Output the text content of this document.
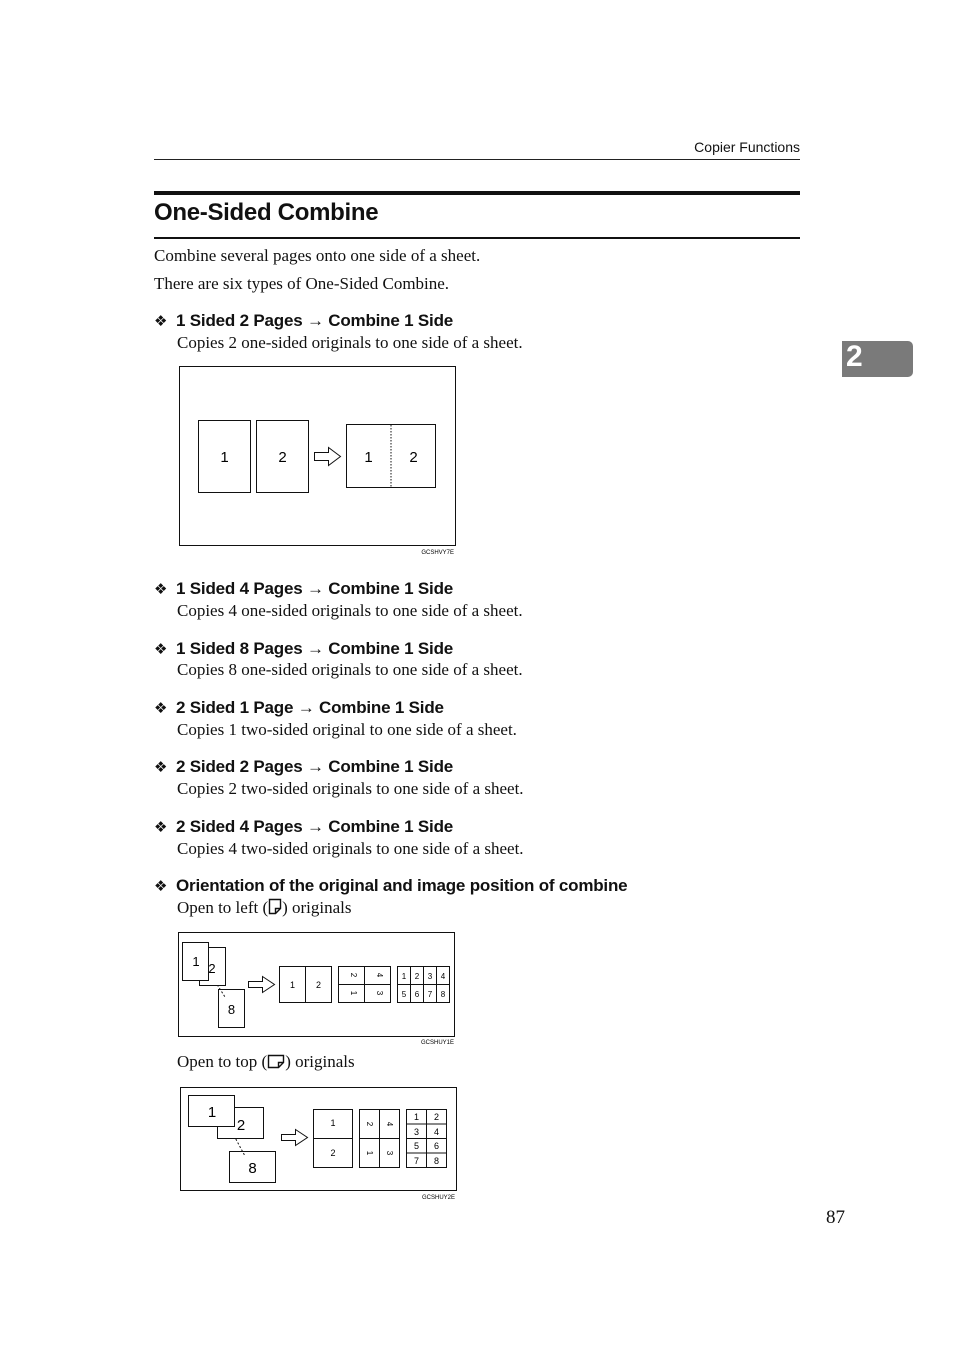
Copier Functions
One-Sided Combine
Combine several pages onto one side of a sheet.
There are six types of One-Sided Combine.
❖ 1 Sided 2 Pages → Combine 1 Side
Copies 2 one-sided originals to one side of a sheet.
1	2	1 2
GCSHVY7E
❖ 1 Sided 4 Pages → Combine 1 Side
Copies 4 one-sided originals to one side of a sheet.
❖ 1 Sided 8 Pages → Combine 1 Side
Copies 8 one-sided originals to one side of a sheet.
❖ 2 Sided 1 Page → Combine 1 Side
Copies 1 two-sided original to one side of a sheet.
❖ 2 Sided 2 Pages → Combine 1 Side
Copies 2 two-sided originals to one side of a sheet.
❖ 2 Sided 4 Pages → Combine 1 Side
Copies 4 two-sided originals to one side of a sheet.
❖ Orientation of the original and image position of combine
Open to left ( ) originals
8
2
1
1 2
2 4
1 3
1 2 3 4
5 6 7 8
GCSHUY1E
Open to top ( ) originals
8
2
1
1
2
2 4
1 3
1 2
3 4
5 6
7 8
GCSHUY2E
2
87
